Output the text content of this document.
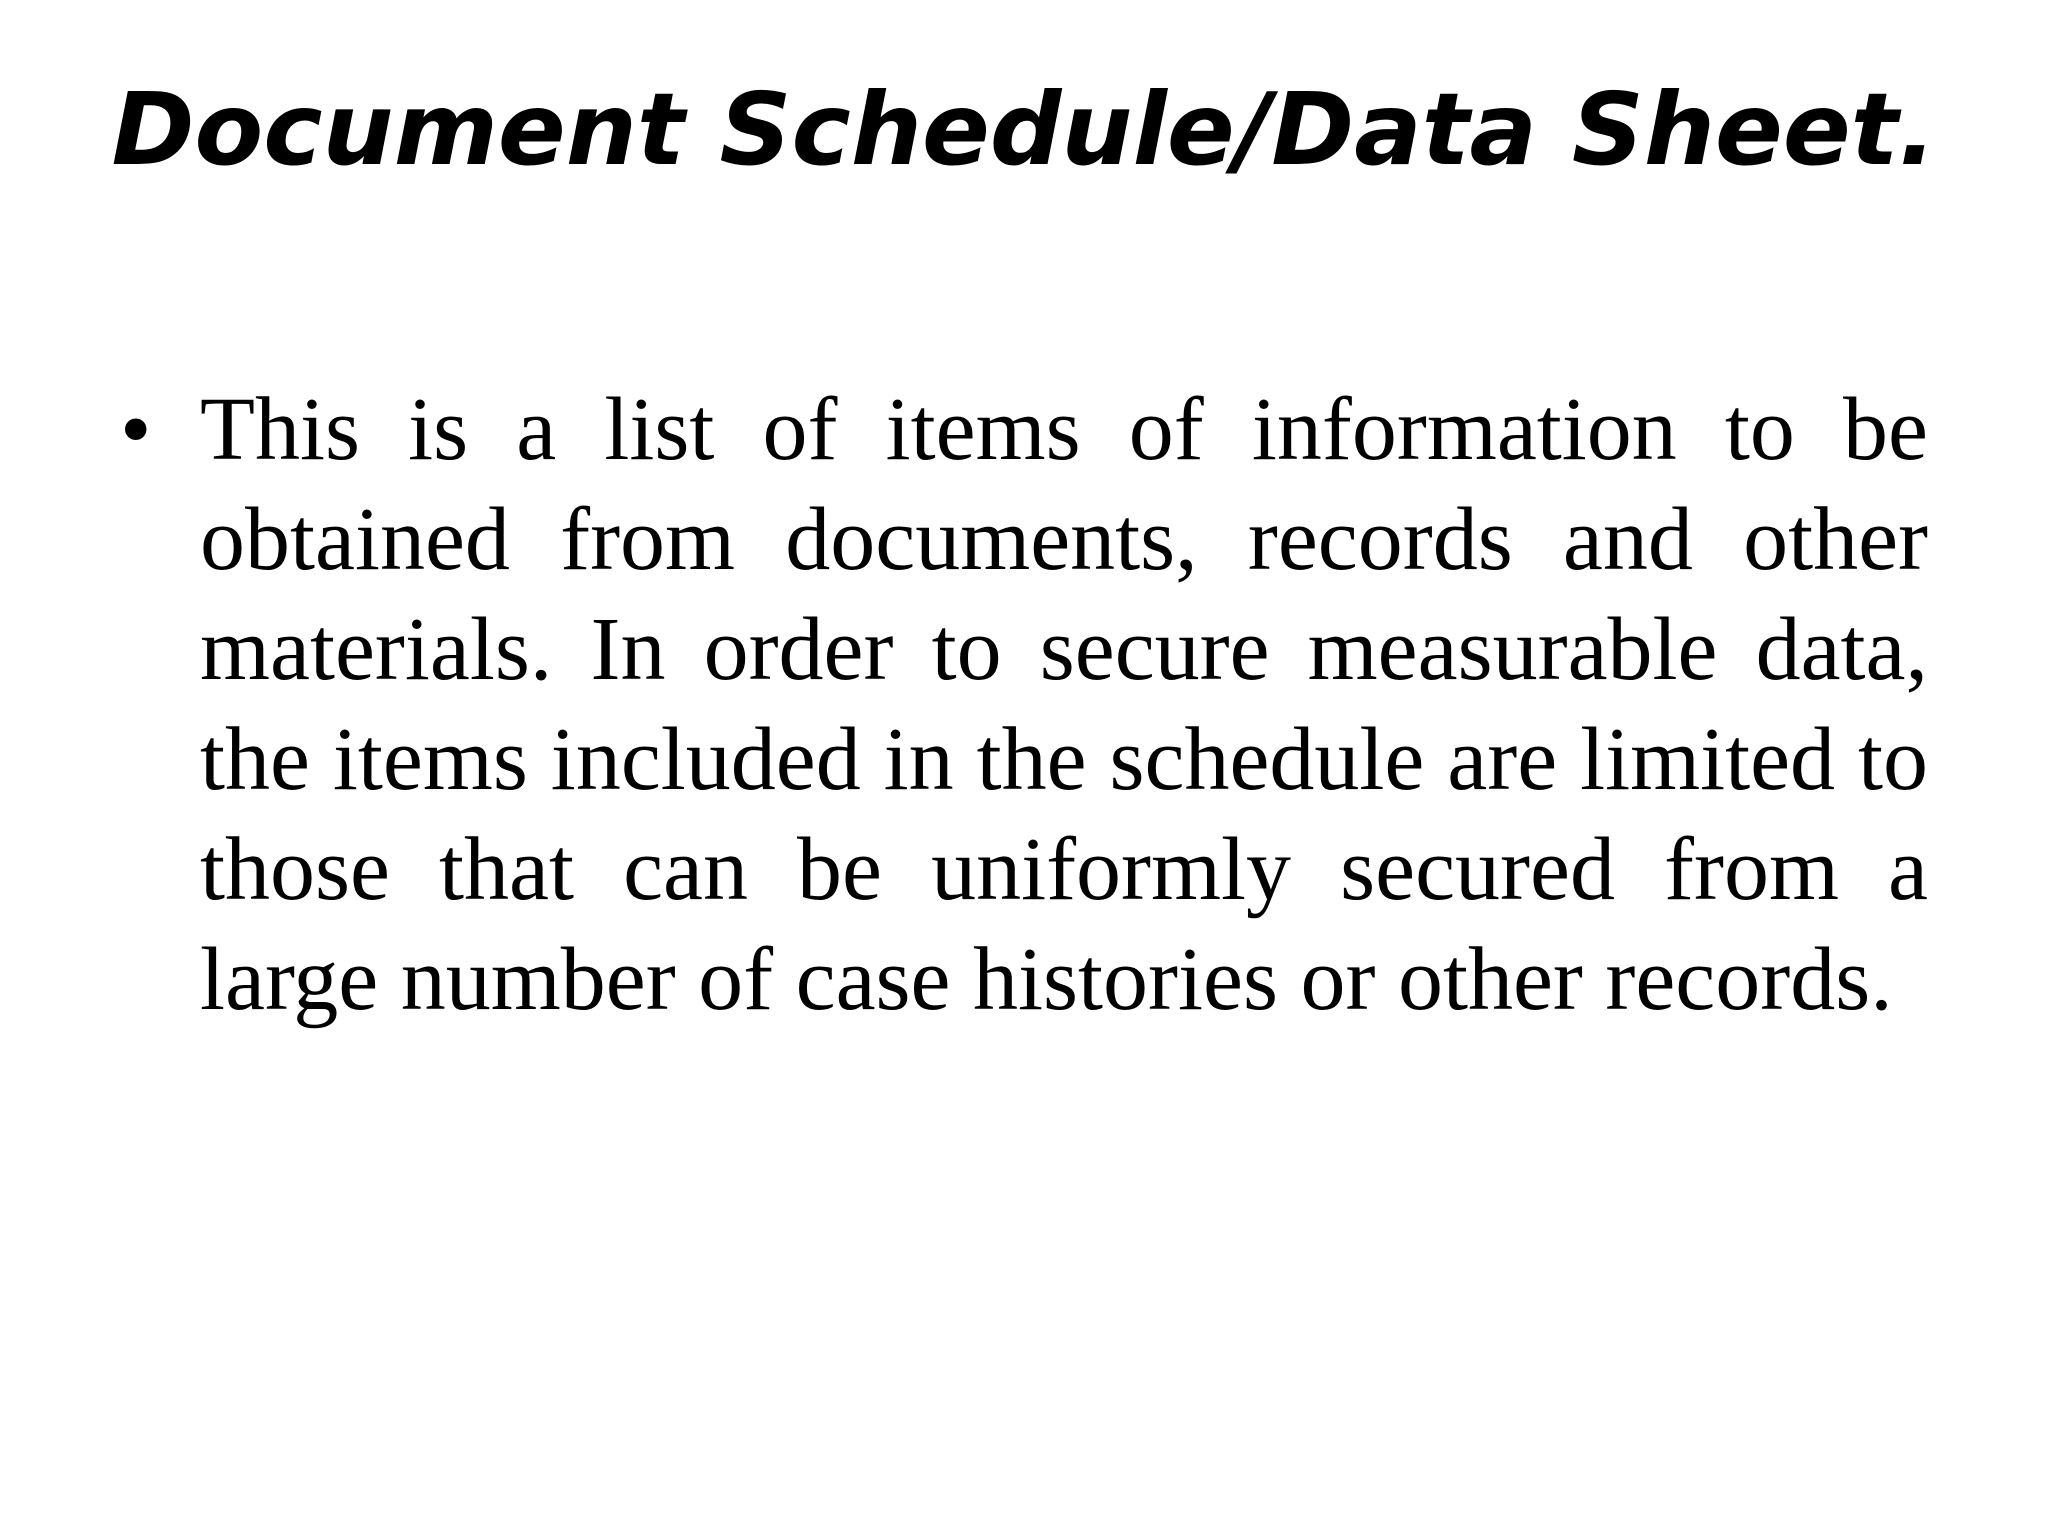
Document Schedule/Data Sheet.
• This is a list of items of information to be obtained from documents, records and other materials. In order to secure measurable data, the items included in the schedule are limited to those that can be uniformly secured from a large number of case histories or other records.
